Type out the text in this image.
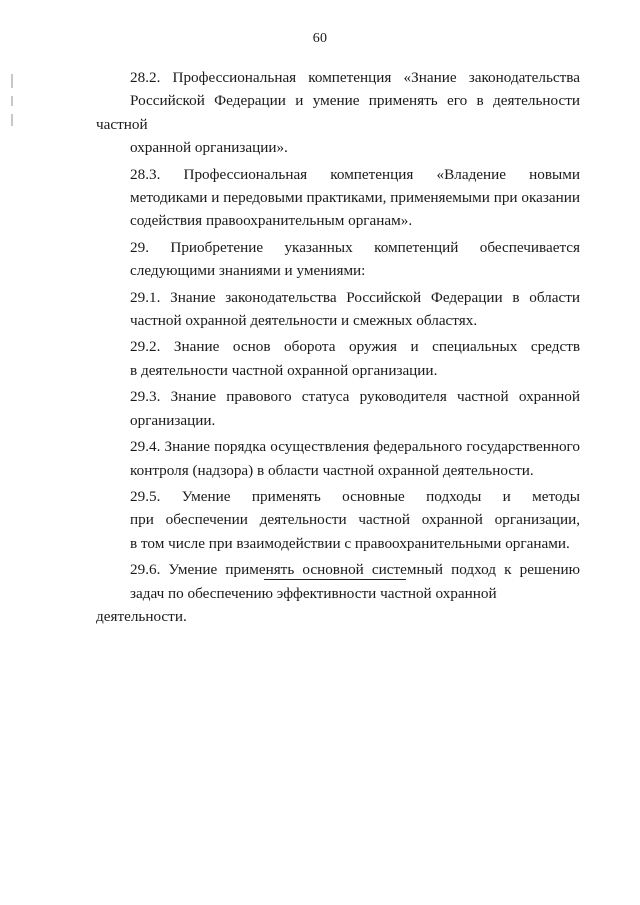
60

28.2. Профессиональная компетенция «Знание законодательства
Российской Федерации и умение применять его в деятельности частной
охранной организации».

28.3. Профессиональная компетенция «Владение новыми
методиками и передовыми практиками, применяемыми при оказании
содействия правоохранительным органам».

29. Приобретение указанных компетенций обеспечивается
следующими знаниями и умениями:

29.1. Знание законодательства Российской Федерации в области
частной охранной деятельности и смежных областях.

29.2. Знание основ оборота оружия и специальных средств
в деятельности частной охранной организации.

29.3. Знание правового статуса руководителя частной охранной
организации.

29.4. Знание порядка осуществления федерального государственного
контроля (надзора) в области частной охранной деятельности.

29.5. Умение применять основные подходы и методы
при обеспечении деятельности частной охранной организации,
в том числе при взаимодействии с правоохранительными органами.

29.6. Умение применять основной системный подход к решению
задач по обеспечению эффективности частной охранной деятельности.
